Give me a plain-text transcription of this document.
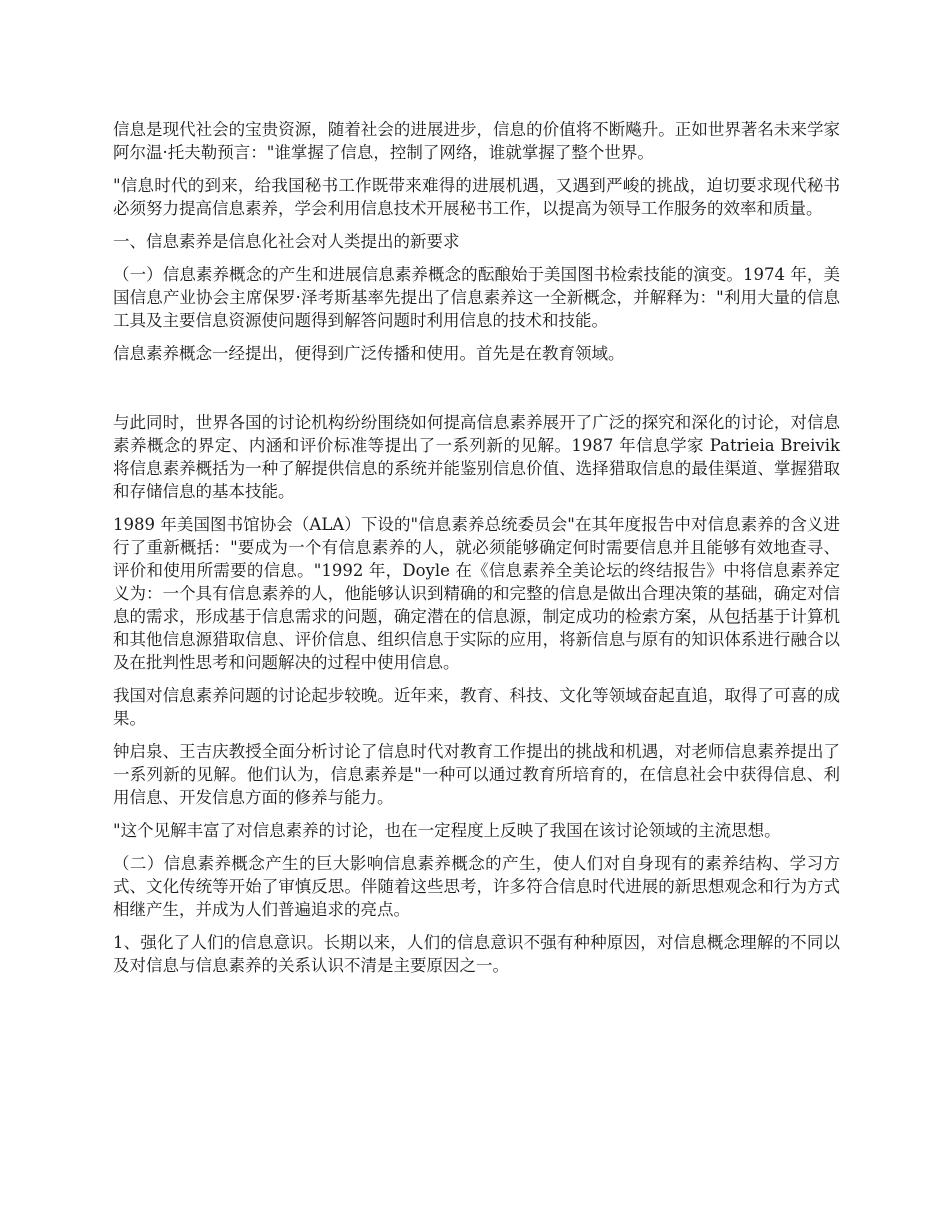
信息是现代社会的宝贵资源，随着社会的进展进步，信息的价值将不断飚升。正如世界著名未来学家阿尔温·托夫勒预言："谁掌握了信息，控制了网络，谁就掌握了整个世界。

"信息时代的到来，给我国秘书工作既带来难得的进展机遇，又遇到严峻的挑战，迫切要求现代秘书必须努力提高信息素养，学会利用信息技术开展秘书工作，以提高为领导工作服务的效率和质量。

一、信息素养是信息化社会对人类提出的新要求

（一）信息素养概念的产生和进展信息素养概念的酝酿始于美国图书检索技能的演变。1974 年，美国信息产业协会主席保罗·泽考斯基率先提出了信息素养这一全新概念，并解释为："利用大量的信息工具及主要信息资源使问题得到解答问题时利用信息的技术和技能。

信息素养概念一经提出，便得到广泛传播和使用。首先是在教育领域。

与此同时，世界各国的讨论机构纷纷围绕如何提高信息素养展开了广泛的探究和深化的讨论，对信息素养概念的界定、内涵和评价标准等提出了一系列新的见解。1987 年信息学家 Patrieia Breivik 将信息素养概括为一种了解提供信息的系统并能鉴别信息价值、选择猎取信息的最佳渠道、掌握猎取和存储信息的基本技能。

1989 年美国图书馆协会（ALA）下设的"信息素养总统委员会"在其年度报告中对信息素养的含义进行了重新概括："要成为一个有信息素养的人，就必须能够确定何时需要信息并且能够有效地查寻、评价和使用所需要的信息。"1992 年，Doyle 在《信息素养全美论坛的终结报告》中将信息素养定义为：一个具有信息素养的人，他能够认识到精确的和完整的信息是做出合理决策的基础，确定对信息的需求，形成基于信息需求的问题，确定潜在的信息源，制定成功的检索方案，从包括基于计算机和其他信息源猎取信息、评价信息、组织信息于实际的应用，将新信息与原有的知识体系进行融合以及在批判性思考和问题解决的过程中使用信息。

我国对信息素养问题的讨论起步较晚。近年来，教育、科技、文化等领域奋起直追，取得了可喜的成果。

钟启泉、王吉庆教授全面分析讨论了信息时代对教育工作提出的挑战和机遇，对老师信息素养提出了一系列新的见解。他们认为，信息素养是"一种可以通过教育所培育的，在信息社会中获得信息、利用信息、开发信息方面的修养与能力。

"这个见解丰富了对信息素养的讨论，也在一定程度上反映了我国在该讨论领域的主流思想。

（二）信息素养概念产生的巨大影响信息素养概念的产生，使人们对自身现有的素养结构、学习方式、文化传统等开始了审慎反思。伴随着这些思考，许多符合信息时代进展的新思想观念和行为方式相继产生，并成为人们普遍追求的亮点。

1、强化了人们的信息意识。长期以来，人们的信息意识不强有种种原因，对信息概念理解的不同以及对信息与信息素养的关系认识不清是主要原因之一。
